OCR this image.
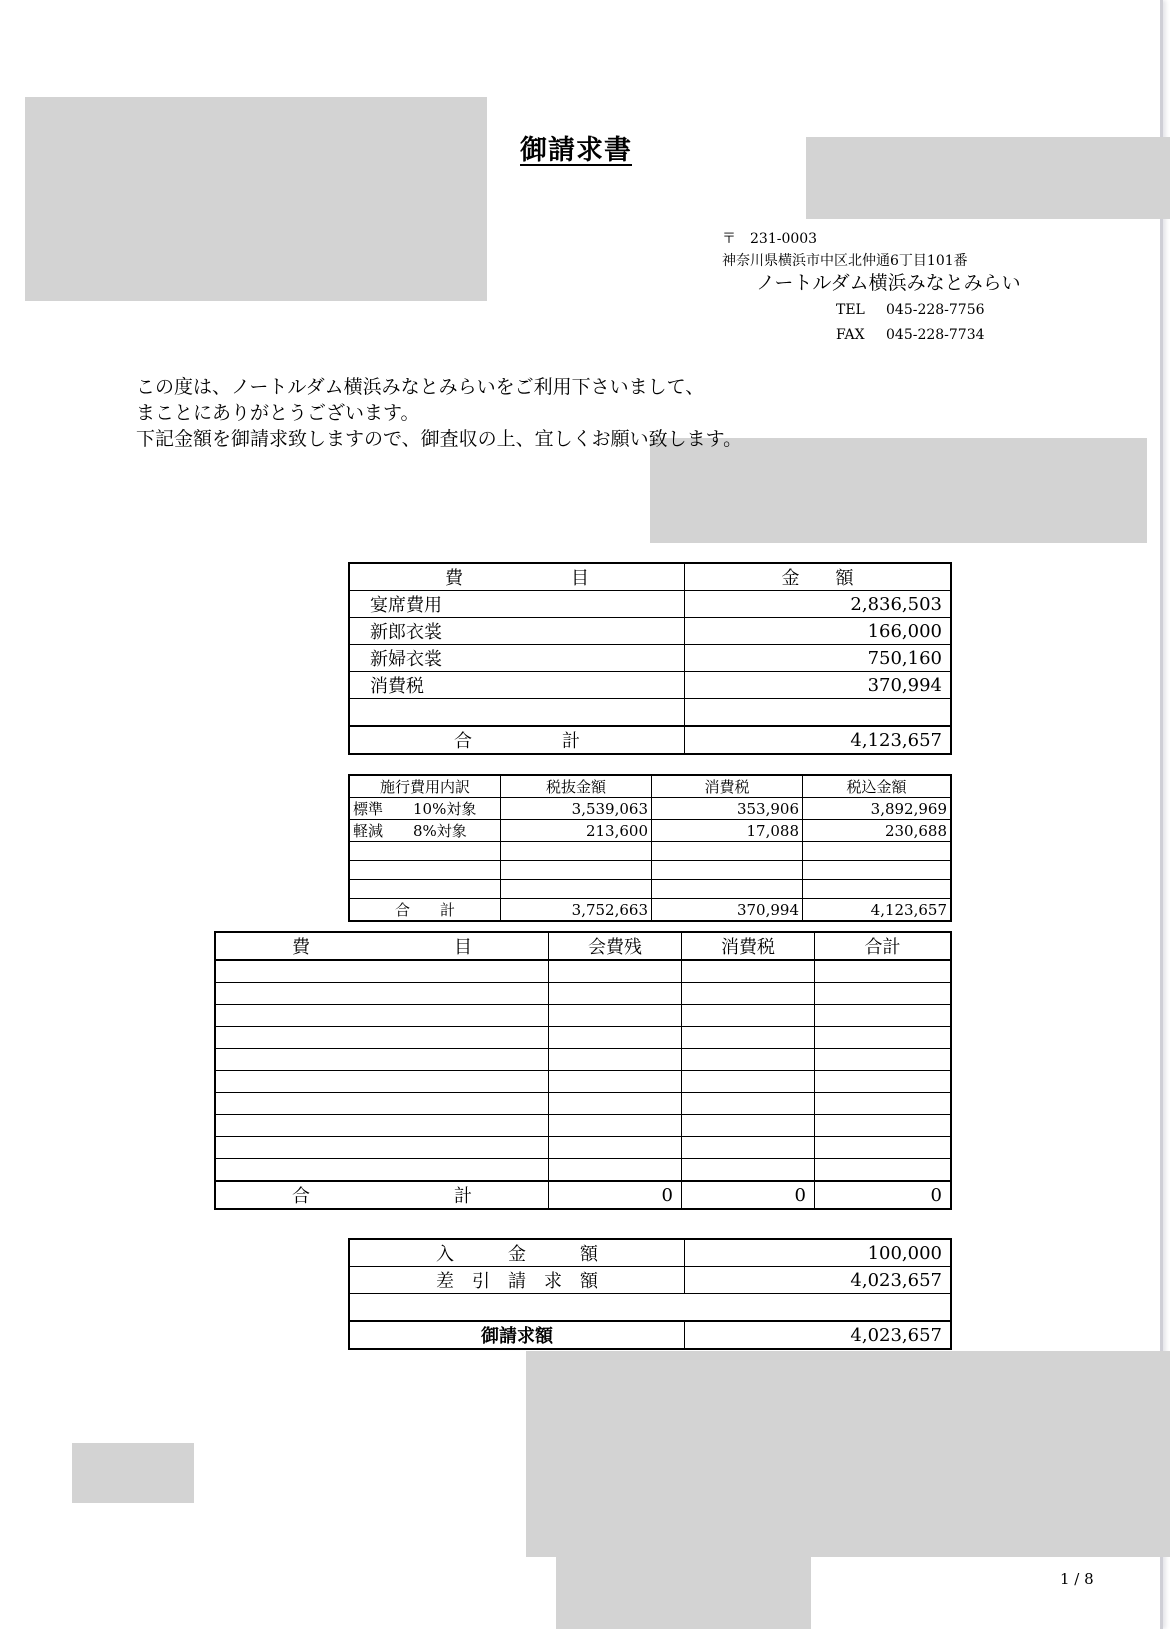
御請求書
〒　231-0003
神奈川県横浜市中区北仲通6丁目101番
ノートルダム横浜みなとみらい
TEL 045-228-7756
FAX 045-228-7734
この度は、ノートルダム横浜みなとみらいをご利用下さいまして、
まことにありがとうございます。
下記金額を御請求致しますので、御査収の上、宜しくお願い致します。
費　　　　　　目	金　　額
宴席費用	2,836,503
新郎衣裳	166,000
新婦衣裳	750,160
消費税	370,994

合　　　　　計	4,123,657
施行費用内訳	税抜金額	消費税	税込金額
標準　　10%対象	3,539,063	353,906	3,892,969
軽減　　8%対象	213,600	17,088	230,688

合　　計	3,752,663	370,994	4,123,657
費　　　　　　　　目	会費残	消費税	合計

合　　　　　　　　計	0	0	0
入　　　金　　　額	100,000
差　引　請　求　額	4,023,657

御請求額	4,023,657
1 / 8
